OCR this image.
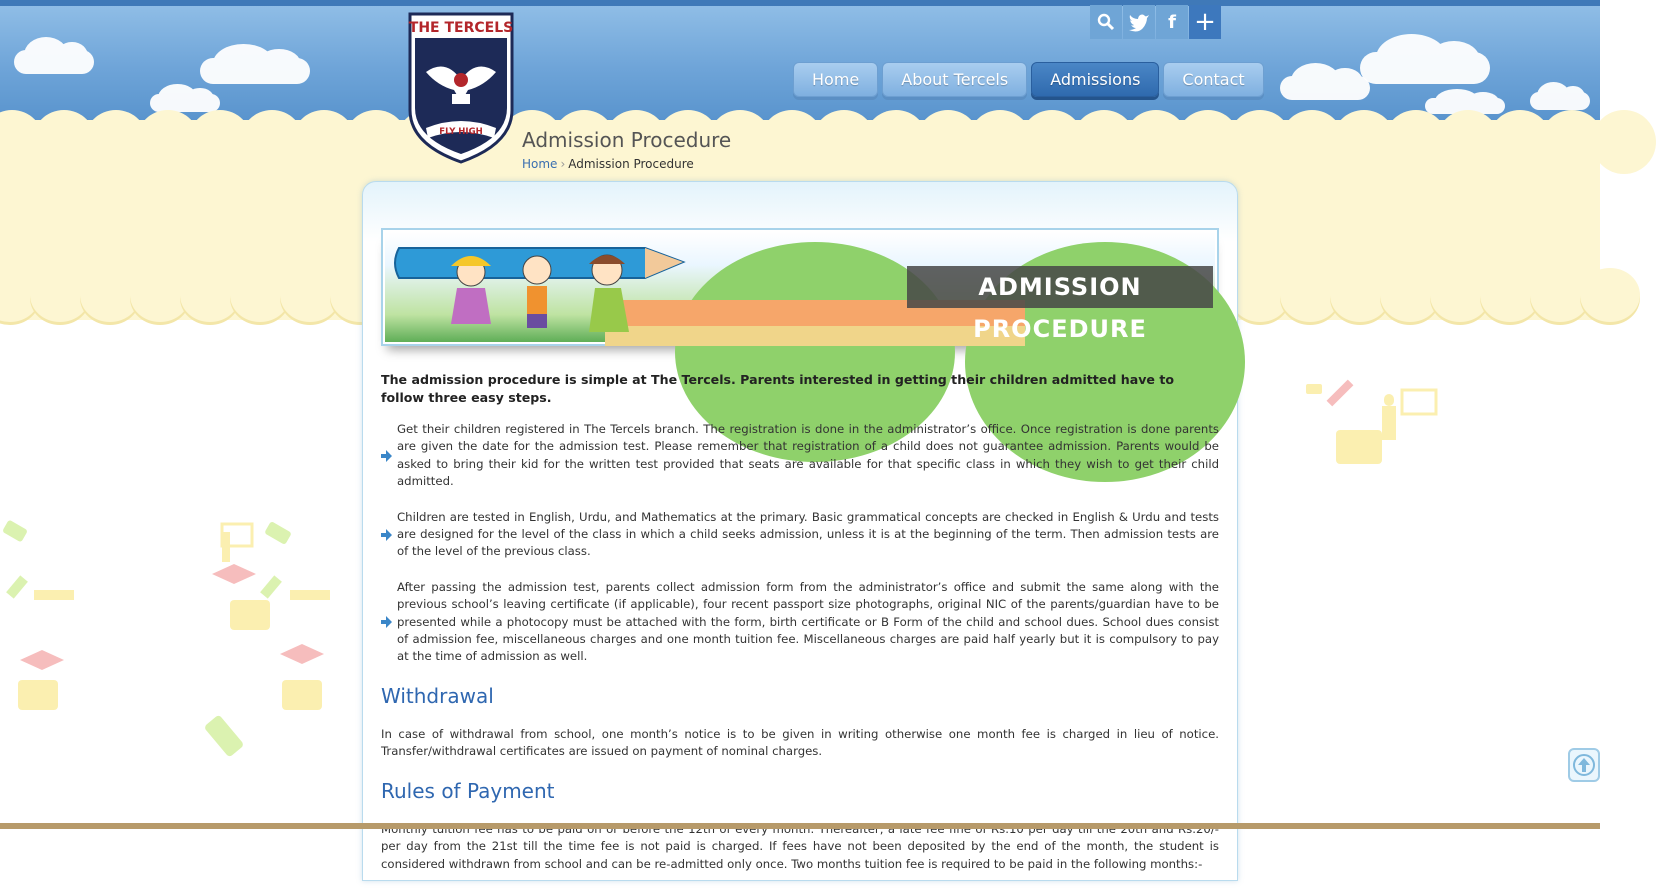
THE TERCELS
FLY HIGH
f +
Home	About Tercels	Admissions	Contact
Admission Procedure
Home › Admission Procedure
ADMISSION PROCEDURE

The admission procedure is simple at The Tercels. Parents interested in getting their children admitted have to follow three easy steps.

Get their children registered in The Tercels branch. The registration is done in the administrator’s office. Once registration is done parents are given the date for the admission test. Please remember that registration of a child does not guarantee admission. Parents would be asked to bring their kid for the written test provided that seats are available for that specific class in which they wish to get their child admitted.
Children are tested in English, Urdu, and Mathematics at the primary. Basic grammatical concepts are checked in English & Urdu and tests are designed for the level of the class in which a child seeks admission, unless it is at the beginning of the term. Then admission tests are of the level of the previous class.
After passing the admission test, parents collect admission form from the administrator’s office and submit the same along with the previous school’s leaving certificate (if applicable), four recent passport size photographs, original NIC of the parents/guardian have to be presented while a photocopy must be attached with the form, birth certificate or B Form of the child and school dues. School dues consist of admission fee, miscellaneous charges and one month tuition fee. Miscellaneous charges are paid half yearly but it is compulsory to pay at the time of admission as well.
Withdrawal

In case of withdrawal from school, one month’s notice is to be given in writing otherwise one month fee is charged in lieu of notice. Transfer/withdrawal certificates are issued on payment of nominal charges.

Rules of Payment

per day from the 21st till the time fee is not paid is charged. If fees have not been deposited by the end of the month, the student is considered withdrawn from school and can be re-admitted only once. Two months tuition fee is required to be paid in the following months:-
